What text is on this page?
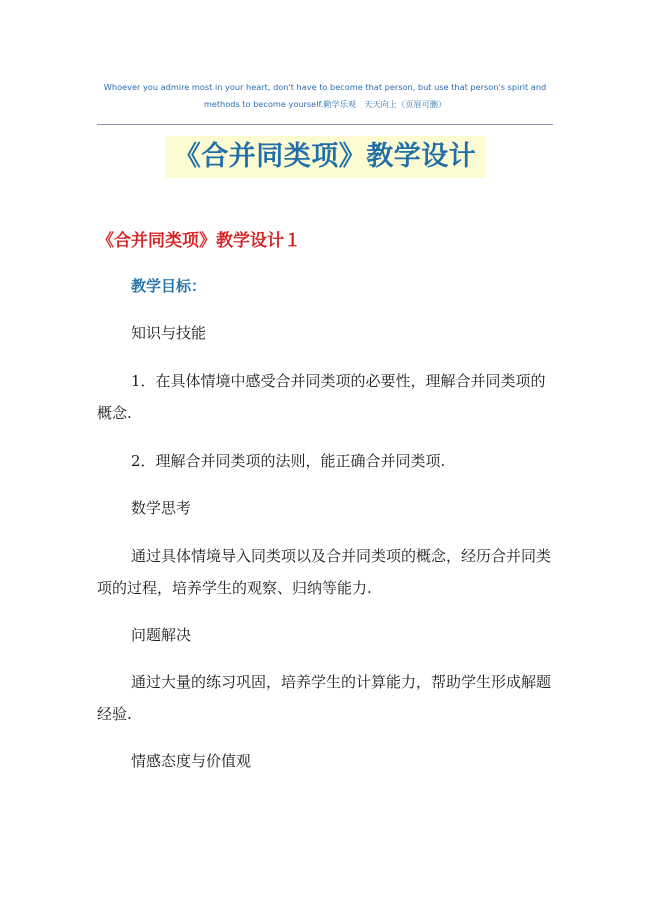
Whoever you admire most in your heart, don't have to become that person, but use that person's spirit and methods to become yourself.勤学乐观　天天向上（页眉可删）
《合并同类项》教学设计
《合并同类项》教学设计１
教学目标：
知识与技能
1．在具体情境中感受合并同类项的必要性，理解合并同类项的概念.
2．理解合并同类项的法则，能正确合并同类项.
数学思考
通过具体情境导入同类项以及合并同类项的概念，经历合并同类项的过程，培养学生的观察、归纳等能力.
问题解决
通过大量的练习巩固，培养学生的计算能力，帮助学生形成解题经验.
情感态度与价值观
